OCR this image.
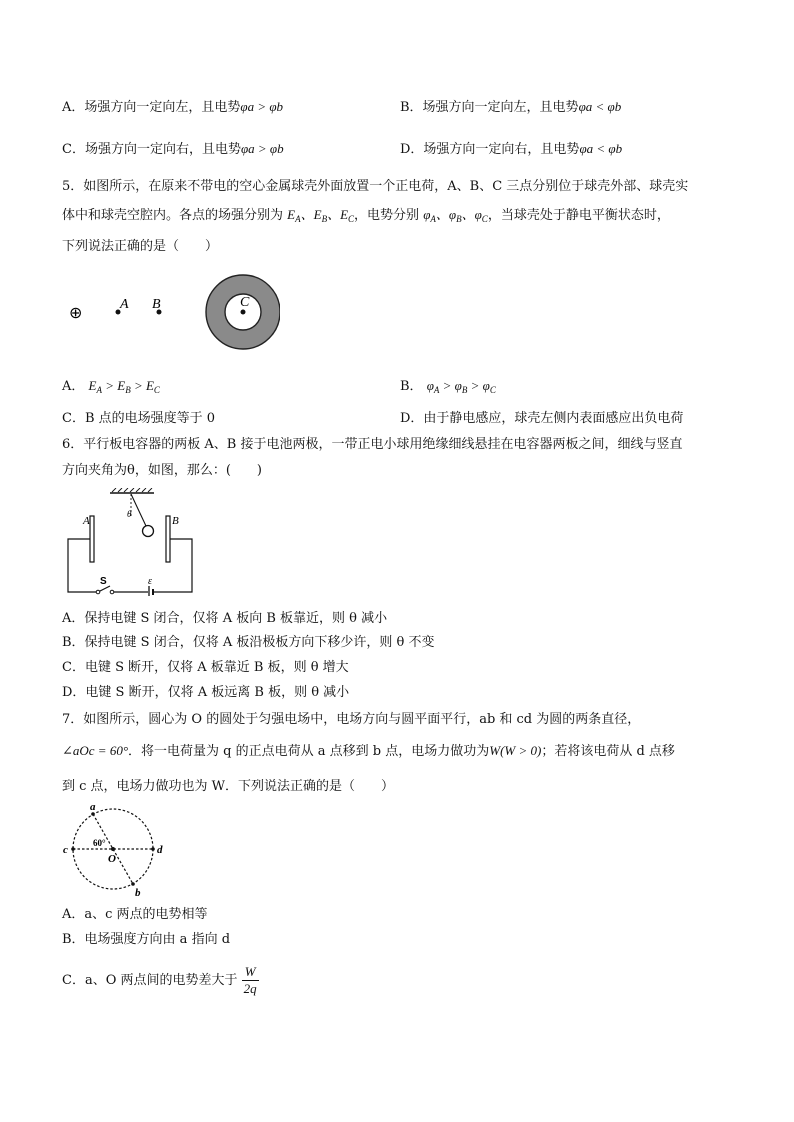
A．场强方向一定向左，且电势φa > φb	B．场强方向一定向左，且电势φa < φb
C．场强方向一定向右，且电势φa > φb	D．场强方向一定向右，且电势φa < φb
5．如图所示，在原来不带电的空心金属球壳外面放置一个正电荷，A、B、C 三点分别位于球壳外部、球壳实
体中和球壳空腔内。各点的场强分别为 $E_A$、$E_B$、$E_C$，电势分别 $\varphi_A$、$\varphi_B$、$\varphi_C$，当球壳处于静电平衡状态时，
下列说法正确的是（　　）
⊕	A B	C
A． $E_A > E_B > E_C$	B． $\varphi_A > \varphi_B > \varphi_C$
C．B 点的电场强度等于 0	D．由于静电感应，球壳左侧内表面感应出负电荷
6．平行板电容器的两板 A、B 接于电池两极，一带正电小球用绝缘细线悬挂在电容器两板之间，细线与竖直
方向夹角为θ，如图，那么：(　　)
θ
A	B
S	ε
A．保持电键 S 闭合，仅将 A 板向 B 板靠近，则 θ 减小
B．保持电键 S 闭合，仅将 A 板沿极板方向下移少许，则 θ 不变
C．电键 S 断开，仅将 A 板靠近 B 板，则 θ 增大
D．电键 S 断开，仅将 A 板远离 B 板，则 θ 减小
7．如图所示，圆心为 O 的圆处于匀强电场中，电场方向与圆平面平行，ab 和 cd 为圆的两条直径，
∠aOc = 60°．将一电荷量为 q 的正点电荷从 a 点移到 b 点，电场力做功为W(W > 0)；若将该电荷从 d 点移
到 c 点，电场力做功也为 W．下列说法正确的是（　　）
a
b
c	d
O
60°
A．a、c 两点的电势相等
B．电场强度方向由 a 指向 d
C．a、O 两点间的电势差大于 $\frac{W}{2q}$
